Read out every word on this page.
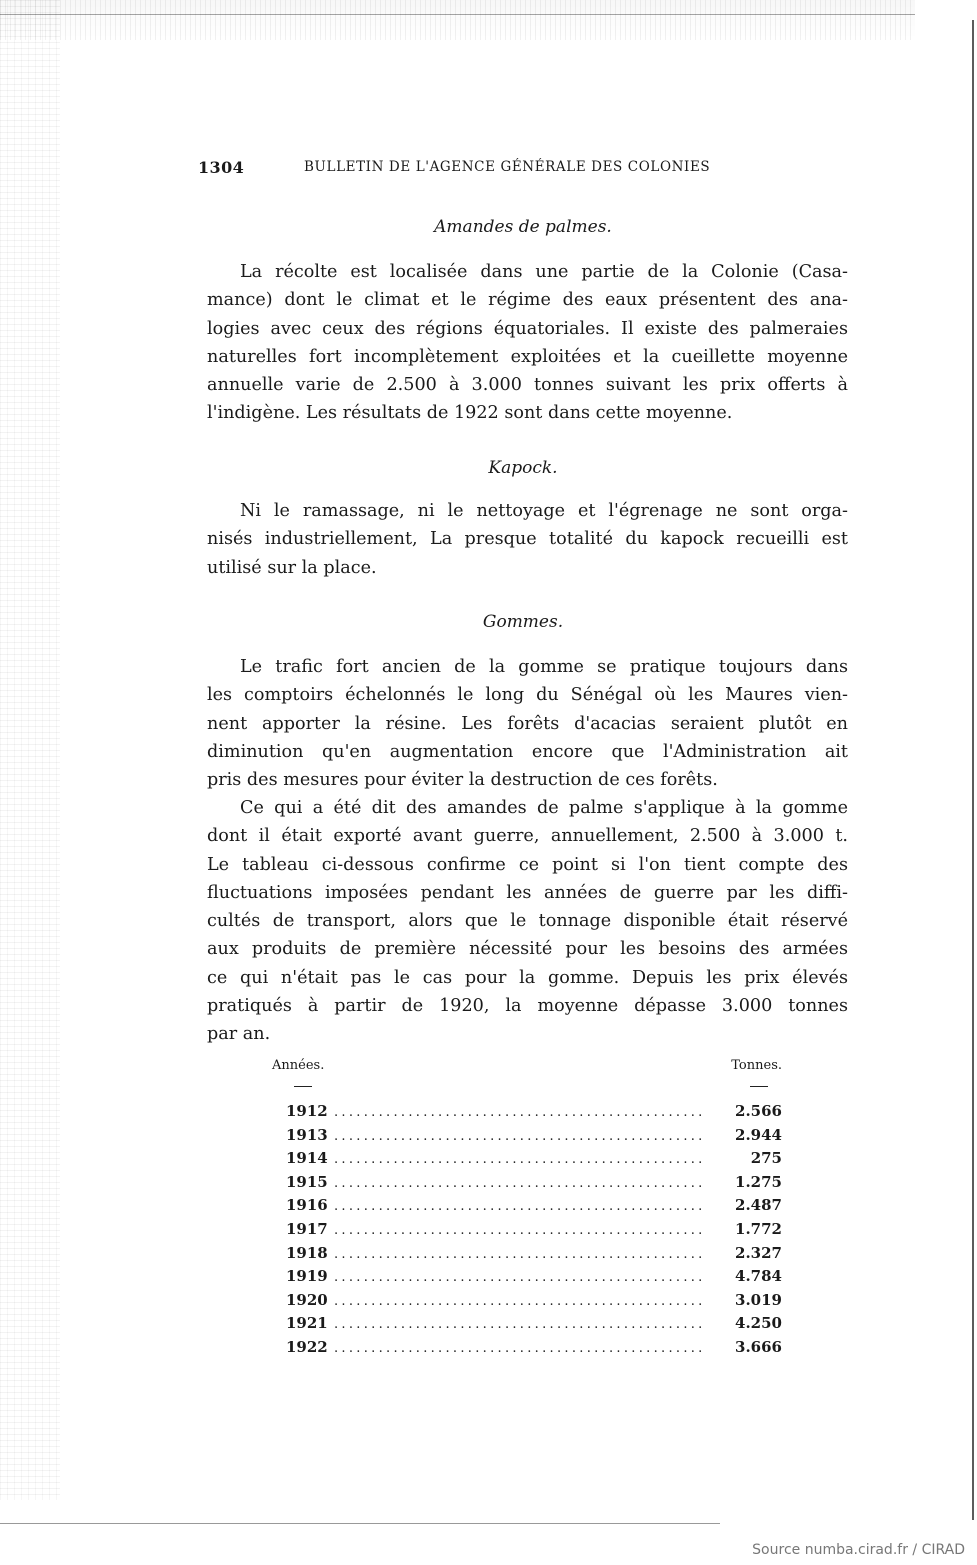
1304	BULLETIN DE L'AGENCE GÉNÉRALE DES COLONIES
Amandes de palmes.
La récolte est localisée dans une partie de la Colonie (Casa-
mance) dont le climat et le régime des eaux présentent des ana-
logies avec ceux des régions équatoriales. Il existe des palmeraies
naturelles fort incomplètement exploitées et la cueillette moyenne
annuelle varie de 2.500 à 3.000 tonnes suivant les prix offerts à
l'indigène. Les résultats de 1922 sont dans cette moyenne.
Kapock.
Ni le ramassage, ni le nettoyage et l'égrenage ne sont orga-
nisés industriellement, La presque totalité du kapock recueilli est
utilisé sur la place.
Gommes.
Le trafic fort ancien de la gomme se pratique toujours dans
les comptoirs échelonnés le long du Sénégal où les Maures vien-
nent apporter la résine. Les forêts d'acacias seraient plutôt en
diminution qu'en augmentation encore que l'Administration ait
pris des mesures pour éviter la destruction de ces forêts.
Ce qui a été dit des amandes de palme s'applique à la gomme
dont il était exporté avant guerre, annuellement, 2.500 à 3.000 t.
Le tableau ci-dessous confirme ce point si l'on tient compte des
fluctuations imposées pendant les années de guerre par les diffi-
cultés de transport, alors que le tonnage disponible était réservé
aux produits de première nécessité pour les besoins des armées
ce qui n'était pas le cas pour la gomme. Depuis les prix élevés
pratiqués à partir de 1920, la moyenne dépasse 3.000 tonnes
par an.
Années.	Tonnes.
1912 .....	2.566
1913 .....	2.944
1914 .....	275
1915 .....	1.275
1916 .....	2.487
1917 .....	1.772
1918 .....	2.327
1919 .....	4.784
1920 .....	3.019
1921 .....	4.250
1922 .....	3.666
Source numba.cirad.fr / CIRAD
